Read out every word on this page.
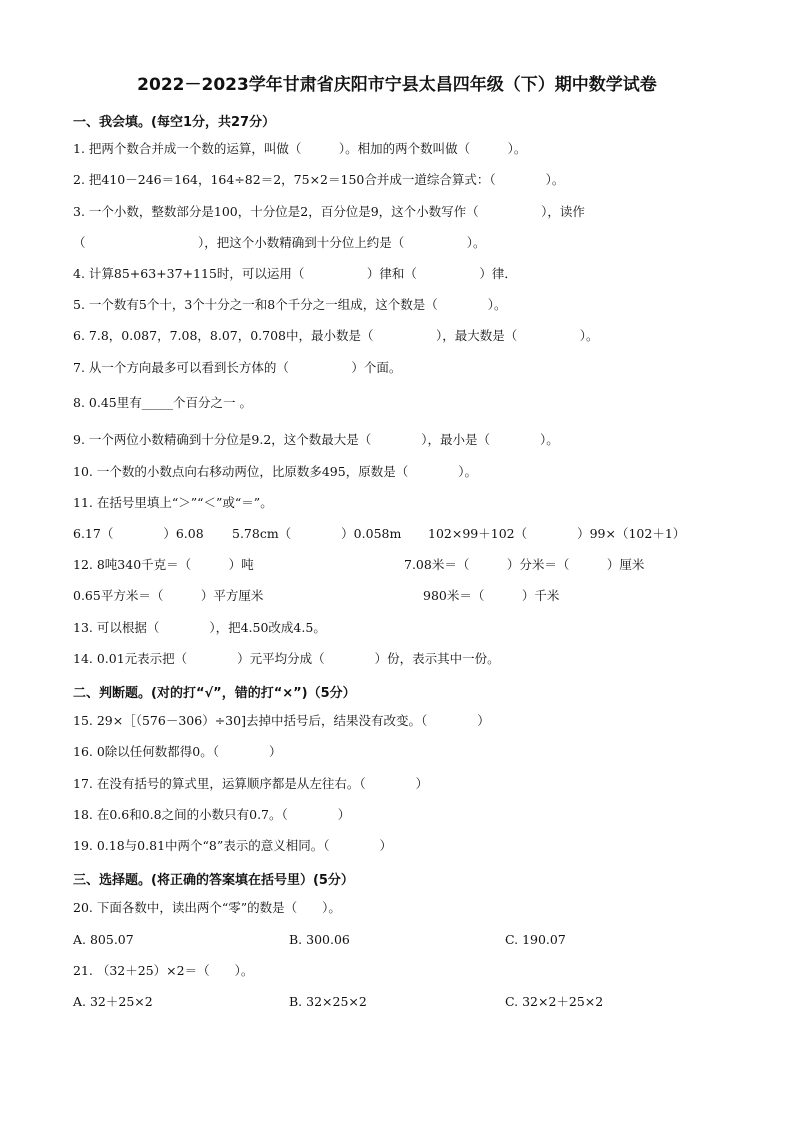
2022－2023学年甘肃省庆阳市宁县太昌四年级（下）期中数学试卷
一、我会填。(每空1分，共27分）
1. 把两个数合并成一个数的运算，叫做（　　　）。相加的两个数叫做（　　　）。
2. 把410－246＝164，164÷82＝2，75×2＝150合并成一道综合算式：（　　　　）。
3. 一个小数，整数部分是100，十分位是2，百分位是9，这个小数写作（　　　　　），读作
（　　　　　　　　　），把这个小数精确到十分位上约是（　　　　　）。
4. 计算85+63+37+115时，可以运用（　　　　　）律和（　　　　　）律．
5. 一个数有5个十，3个十分之一和8个千分之一组成，这个数是（　　　　）。
6. 7.8，0.087，7.08，8.07，0.708中，最小数是（　　　　　），最大数是（　　　　　）。
7. 从一个方向最多可以看到长方体的（　　　　　）个面。
8. 0.45里有_____个百分之一 。
9. 一个两位小数精确到十分位是9.2，这个数最大是（　　　　），最小是（　　　　）。
10. 一个数的小数点向右移动两位，比原数多495，原数是（　　　　）。
11. 在括号里填上“＞”“＜”或“＝”。
6.17（　　　　）6.08 5.78cm（　　　　）0.058m 102×99＋102（　　　　）99×（102＋1）
12. 8吨340千克＝（　　　）吨	7.08米＝（　　　）分米＝（　　　）厘米
0.65平方米＝（　　　）平方厘米	980米＝（　　　）千米
13. 可以根据（　　　　），把4.50改成4.5。
14. 0.01元表示把（　　　　）元平均分成（　　　　）份，表示其中一份。
二、判断题。(对的打“√”，错的打“×”)（5分）
15. 29×［（576－306）÷30]去掉中括号后，结果没有改变。（　　　　）
16. 0除以任何数都得0。（　　　　）
17. 在没有括号的算式里，运算顺序都是从左往右。（　　　　）
18. 在0.6和0.8之间的小数只有0.7。（　　　　）
19. 0.18与0.81中两个“8”表示的意义相同。（　　　　）
三、选择题。(将正确的答案填在括号里）(5分）
20. 下面各数中，读出两个“零”的数是（　　）。
A. 805.07	B. 300.06	C. 190.07
21. （32＋25）×2＝（　　）。
A. 32＋25×2	B. 32×25×2	C. 32×2＋25×2
